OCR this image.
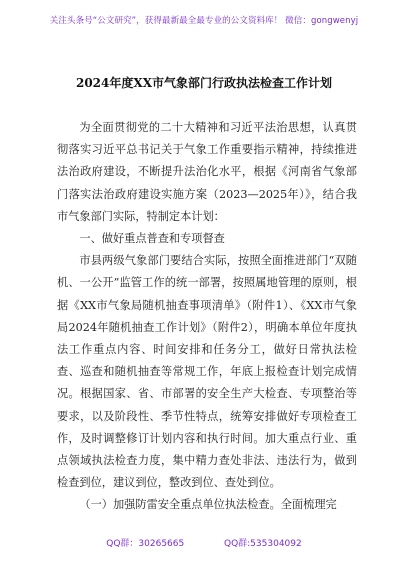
关注头条号“公文研究”，获得最新最全最专业的公文资料库！ 微信：gongwenyj
2024年度XX市气象部门行政执法检查工作计划

为全面贯彻党的二十大精神和习近平法治思想，认真贯彻落实习近平总书记关于气象工作重要指示精神，持续推进法治政府建设，不断提升法治化水平，根据《河南省气象部门落实法治政府建设实施方案（2023—2025年）》，结合我市气象部门实际，特制定本计划：

一、做好重点普查和专项督查

市县两级气象部门要结合实际，按照全面推进部门“双随机、一公开”监管工作的统一部署，按照属地管理的原则，根据《XX市气象局随机抽查事项清单》（附件1）、《XX市气象局2024年随机抽查工作计划》（附件2），明确本单位年度执法工作重点内容、时间安排和任务分工，做好日常执法检查、巡查和随机抽查等常规工作，年底上报检查计划完成情况。根据国家、省、市部署的安全生产大检查、专项整治等要求，以及阶段性、季节性特点，统筹安排做好专项检查工作，及时调整修订计划内容和执行时间。加大重点行业、重点领域执法检查力度，集中精力查处非法、违法行为，做到检查到位，建议到位，整改到位、查处到位。

（一）加强防雷安全重点单位执法检查。全面梳理完

QQ群：30265665	QQ群:535304092
